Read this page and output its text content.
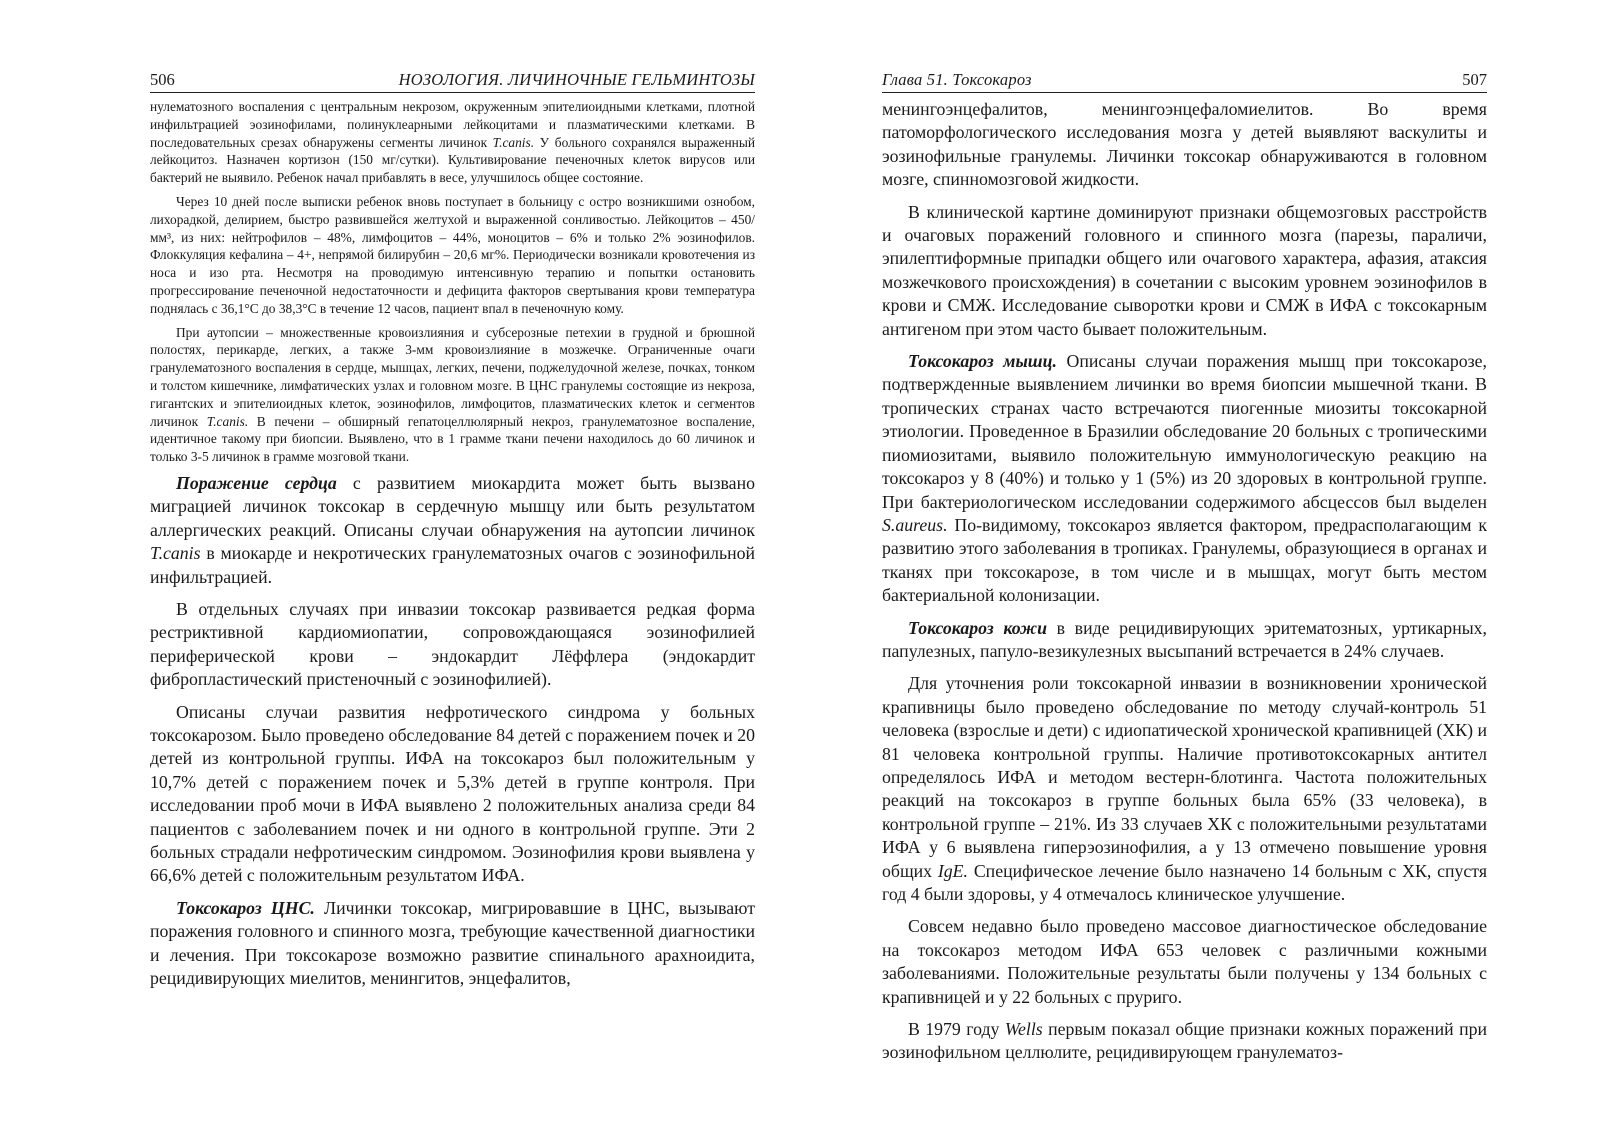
506	НОЗОЛОГИЯ. ЛИЧИНОЧНЫЕ ГЕЛЬМИНТОЗЫ

нулематозного воспаления с центральным некрозом, окруженным эпителиоидными клетками, плотной инфильтрацией эозинофилами, полинуклеарными лейкоцитами и плазматическими клетками. В последовательных срезах обнаружены сегменты личинок T.canis. У больного сохранялся выраженный лейкоцитоз. Назначен кортизон (150 мг/сутки). Культивирование печеночных клеток вирусов или бактерий не выявило. Ребенок начал прибавлять в весе, улучшилось общее состояние.

Через 10 дней после выписки ребенок вновь поступает в больницу с остро возникшими ознобом, лихорадкой, делирием, быстро развившейся желтухой и выраженной сонливостью. Лейкоцитов – 450/мм³, из них: нейтрофилов – 48%, лимфоцитов – 44%, моноцитов – 6% и только 2% эозинофилов. Флоккуляция кефалина – 4+, непрямой билирубин – 20,6 мг%. Периодически возникали кровотечения из носа и изо рта. Несмотря на проводимую интенсивную терапию и попытки остановить прогрессирование печеночной недостаточности и дефицита факторов свертывания крови температура поднялась с 36,1°С до 38,3°С в течение 12 часов, пациент впал в печеночную кому.

При аутопсии – множественные кровоизлияния и субсерозные петехии в грудной и брюшной полостях, перикарде, легких, а также 3-мм кровоизлияние в мозжечке. Ограниченные очаги гранулематозного воспаления в сердце, мышцах, легких, печени, поджелудочной железе, почках, тонком и толстом кишечнике, лимфатических узлах и головном мозге. В ЦНС гранулемы состоящие из некроза, гигантских и эпителиоидных клеток, эозинофилов, лимфоцитов, плазматических клеток и сегментов личинок T.canis. В печени – обширный гепатоцеллюлярный некроз, гранулематозное воспаление, идентичное такому при биопсии. Выявлено, что в 1 грамме ткани печени находилось до 60 личинок и только 3-5 личинок в грамме мозговой ткани.

Поражение сердца с развитием миокардита может быть вызвано миграцией личинок токсокар в сердечную мышцу или быть результатом аллергических реакций. Описаны случаи обнаружения на аутопсии личинок T.canis в миокарде и некротических гранулематозных очагов с эозинофильной инфильтрацией.

В отдельных случаях при инвазии токсокар развивается редкая форма рестриктивной кардиомиопатии, сопровождающаяся эозинофилией периферической крови – эндокардит Лёффлера (эндокардит фибропластический пристеночный с эозинофилией).

Описаны случаи развития нефротического синдрома у больных токсокарозом. Было проведено обследование 84 детей с поражением почек и 20 детей из контрольной группы. ИФА на токсокароз был положительным у 10,7% детей с поражением почек и 5,3% детей в группе контроля. При исследовании проб мочи в ИФА выявлено 2 положительных анализа среди 84 пациентов с заболеванием почек и ни одного в контрольной группе. Эти 2 больных страдали нефротическим синдромом. Эозинофилия крови выявлена у 66,6% детей с положительным результатом ИФА.

Токсокароз ЦНС. Личинки токсокар, мигрировавшие в ЦНС, вызывают поражения головного и спинного мозга, требующие качественной диагностики и лечения. При токсокарозе возможно развитие спинального арахноидита, рецидивирующих миелитов, менингитов, энцефалитов,

Глава 51. Токсокароз	507

менингоэнцефалитов, менингоэнцефаломиелитов. Во время патоморфологического исследования мозга у детей выявляют васкулиты и эозинофильные гранулемы. Личинки токсокар обнаруживаются в головном мозге, спинномозговой жидкости.

В клинической картине доминируют признаки общемозговых расстройств и очаговых поражений головного и спинного мозга (парезы, параличи, эпилептиформные припадки общего или очагового характера, афазия, атаксия мозжечкового происхождения) в сочетании с высоким уровнем эозинофилов в крови и СМЖ. Исследование сыворотки крови и СМЖ в ИФА с токсокарным антигеном при этом часто бывает положительным.

Токсокароз мышц. Описаны случаи поражения мышц при токсокарозе, подтвержденные выявлением личинки во время биопсии мышечной ткани. В тропических странах часто встречаются пиогенные миозиты токсокарной этиологии. Проведенное в Бразилии обследование 20 больных с тропическими пиомиозитами, выявило положительную иммунологическую реакцию на токсокароз у 8 (40%) и только у 1 (5%) из 20 здоровых в контрольной группе. При бактериологическом исследовании содержимого абсцессов был выделен S.aureus. По-видимому, токсокароз является фактором, предрасполагающим к развитию этого заболевания в тропиках. Гранулемы, образующиеся в органах и тканях при токсокарозе, в том числе и в мышцах, могут быть местом бактериальной колонизации.

Токсокароз кожи в виде рецидивирующих эритематозных, уртикарных, папулезных, папуло-везикулезных высыпаний встречается в 24% случаев.

Для уточнения роли токсокарной инвазии в возникновении хронической крапивницы было проведено обследование по методу случай-контроль 51 человека (взрослые и дети) с идиопатической хронической крапивницей (ХК) и 81 человека контрольной группы. Наличие противотоксокарных антител определялось ИФА и методом вестерн-блотинга. Частота положительных реакций на токсокароз в группе больных была 65% (33 человека), в контрольной группе – 21%. Из 33 случаев ХК с положительными результатами ИФА у 6 выявлена гиперэозинофилия, а у 13 отмечено повышение уровня общих IgE. Специфическое лечение было назначено 14 больным с ХК, спустя год 4 были здоровы, у 4 отмечалось клиническое улучшение.

Совсем недавно было проведено массовое диагностическое обследование на токсокароз методом ИФА 653 человек с различными кожными заболеваниями. Положительные результаты были получены у 134 больных с крапивницей и у 22 больных с пруриго.

В 1979 году Wells первым показал общие признаки кожных поражений при эозинофильном целлюлите, рецидивирующем гранулематоз-
